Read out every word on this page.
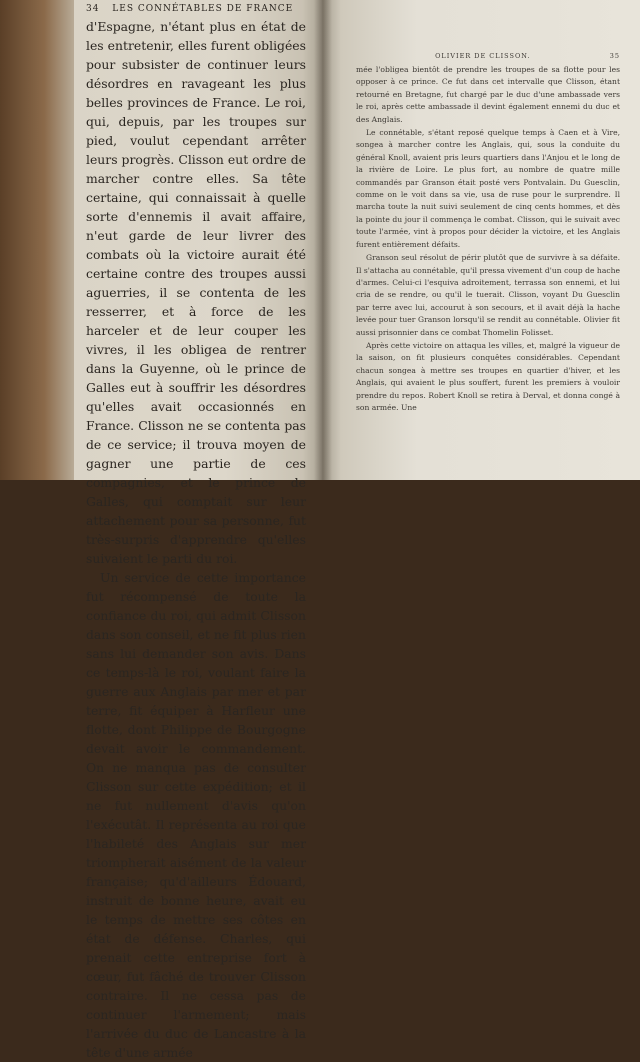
34 LES CONNÉTABLES DE FRANCE

d'Espagne, n'étant plus en état de les entretenir, elles furent obligées pour subsister de continuer leurs désordres en ravageant les plus belles provinces de France. Le roi, qui, depuis, par les troupes sur pied, voulut cependant arrêter leurs progrès. Clisson eut ordre de marcher contre elles. Sa tête certaine, qui connaissait à quelle sorte d'ennemis il avait affaire, n'eut garde de leur livrer des combats où la victoire aurait été certaine contre des troupes aussi aguerries, il se contenta de les resserrer, et à force de les harceler et de leur couper les vivres, il les obligea de rentrer dans la Guyenne, où le prince de Galles eut à souffrir les désordres qu'elles avait occasionnés en France. Clisson ne se contenta pas de ce service; il trouva moyen de gagner une partie de ces compagnies, et le prince de Galles, qui comptait sur leur attachement pour sa personne, fut très-surpris d'apprendre qu'elles suivaient le parti du roi.

Un service de cette importance fut récompensé de toute la confiance du roi, qui admit Clisson dans son conseil, et ne fit plus rien sans lui demander son avis. Dans ce temps-là le roi, voulant faire la guerre aux Anglais par mer et par terre, fit équiper à Harfleur une flotte, dont Philippe de Bourgogne devait avoir le commandement. On ne manqua pas de consulter Clisson sur cette expédition; et il ne fut nullement d'avis qu'on l'exécutât. Il représenta au roi que l'habileté des Anglais sur mer triompherait aisément de la valeur française; qu'd'ailleurs Édouard, instruit de bonne heure, avait eu le temps de mettre ses côtes en état de défense. Charles, qui prenait cette entreprise fort à cœur, fut fâché de trouver Clisson contraire. Il ne cessa pas de continuer l'armement; mais l'arrivée du duc de Lancastre à la tête d'une armée

OLIVIER DE CLISSON.	35

mée l'obligea bientôt de prendre les troupes de sa flotte pour les opposer à ce prince. Ce fut dans cet intervalle que Clisson, étant retourné en Bretagne, fut chargé par le duc d'une ambassade vers le roi, après cette ambassade il devint également ennemi du duc et des Anglais.

Le connétable, s'étant reposé quelque temps à Caen et à Vire, songea à marcher contre les Anglais, qui, sous la conduite du général Knoll, avaient pris leurs quartiers dans l'Anjou et le long de la rivière de Loire. Le plus fort, au nombre de quatre mille commandés par Granson était posté vers Pontvalain. Du Guesclin, comme on le voit dans sa vie, usa de ruse pour le surprendre. Il marcha toute la nuit suivi seulement de cinq cents hommes, et dès la pointe du jour il commença le combat. Clisson, qui le suivait avec toute l'armée, vint à propos pour décider la victoire, et les Anglais furent entièrement défaits.

Granson seul résolut de périr plutôt que de survivre à sa défaite. Il s'attacha au connétable, qu'il pressa vivement d'un coup de hache d'armes. Celui-ci l'esquiva adroitement, terrassa son ennemi, et lui cria de se rendre, ou qu'il le tuerait. Clisson, voyant Du Guesclin par terre avec lui, accourut à son secours, et il avait déjà la hache levée pour tuer Granson lorsqu'il se rendit au connétable. Olivier fit aussi prisonnier dans ce combat Thomelin Folisset.

Après cette victoire on attaqua les villes, et, malgré la vigueur de la saison, on fit plusieurs conquêtes considérables. Cependant chacun songea à mettre ses troupes en quartier d'hiver, et les Anglais, qui avaient le plus souffert, furent les premiers à vouloir prendre du repos. Robert Knoll se retira à Derval, et donna congé à son armée. Une
